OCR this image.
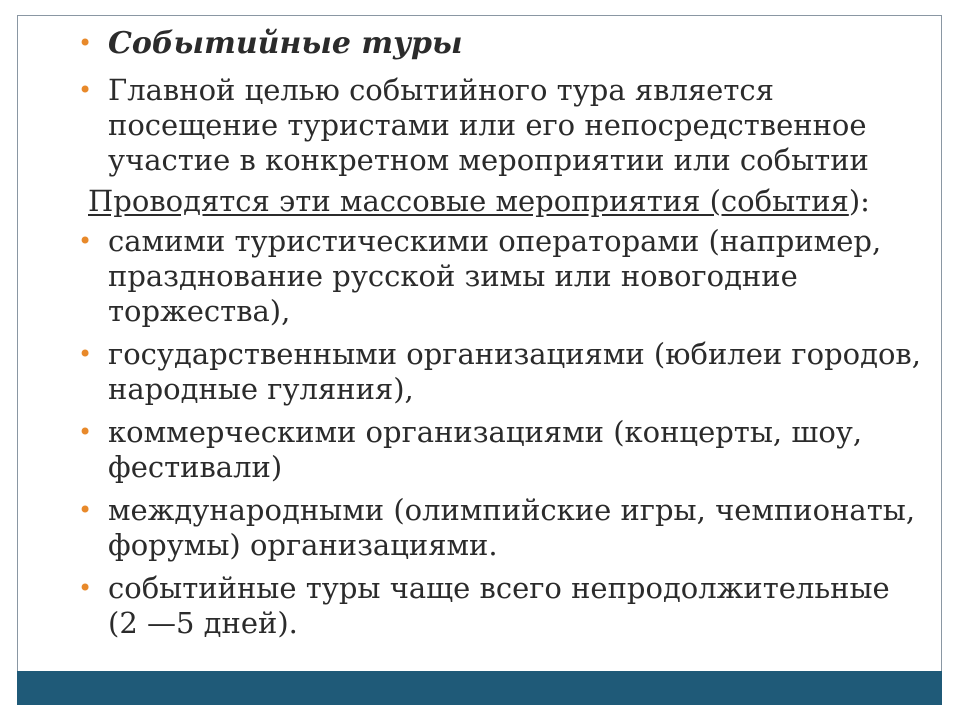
• Событийные туры
• Главной целью событийного тура является посещение туристами или его непосредственное участие в конкретном мероприятии или событии
Проводятся эти массовые мероприятия (события):
• самими туристическими операторами (например, празднование русской зимы или новогодние торжества),
• государственными организациями (юбилеи городов, народные гуляния),
• коммерческими организациями (концерты, шоу, фестивали)
• международными (олимпийские игры, чемпионаты, форумы) организациями.
• событийные туры чаще всего непродолжительные (2 —5 дней).
